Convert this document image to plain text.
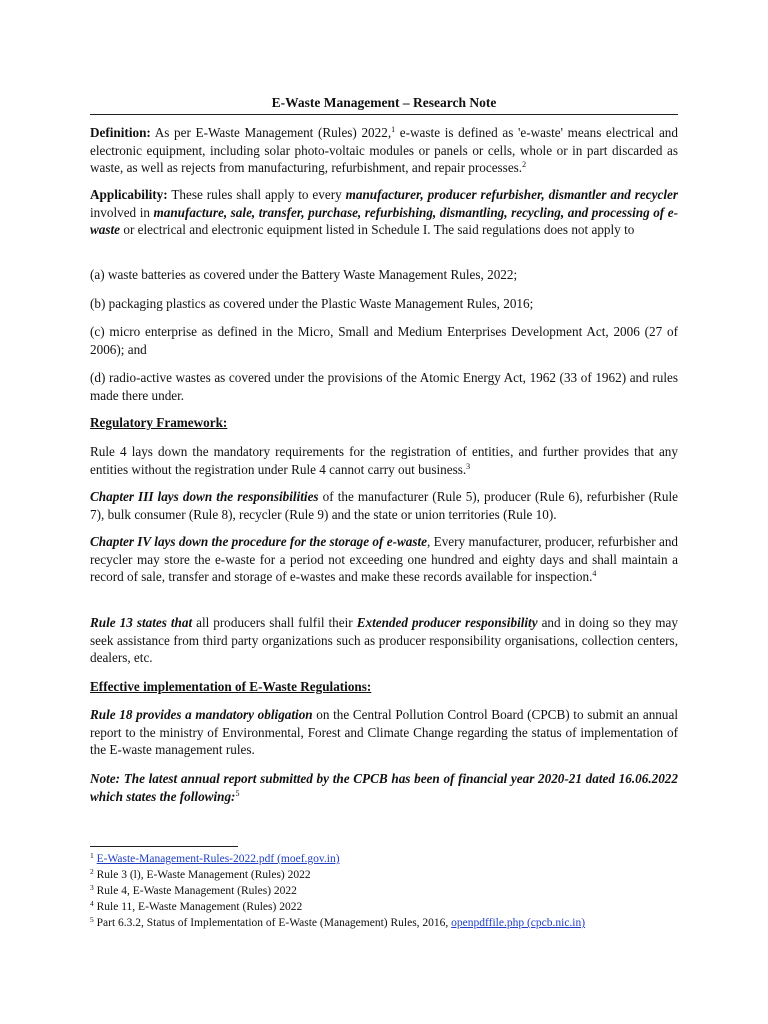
E-Waste Management – Research Note

Definition: As per E-Waste Management (Rules) 2022,$^1$ e-waste is defined as 'e-waste' means electrical and electronic equipment, including solar photo-voltaic modules or panels or cells, whole or in part discarded as waste, as well as rejects from manufacturing, refurbishment, and repair processes.$^2$

Applicability: These rules shall apply to every manufacturer, producer refurbisher, dismantler and recycler involved in manufacture, sale, transfer, purchase, refurbishing, dismantling, recycling, and processing of e-waste or electrical and electronic equipment listed in Schedule I. The said regulations does not apply to

(a) waste batteries as covered under the Battery Waste Management Rules, 2022;

(b) packaging plastics as covered under the Plastic Waste Management Rules, 2016;

(c) micro enterprise as defined in the Micro, Small and Medium Enterprises Development Act, 2006 (27 of 2006); and

(d) radio-active wastes as covered under the provisions of the Atomic Energy Act, 1962 (33 of 1962) and rules made there under.

Regulatory Framework:

Rule 4 lays down the mandatory requirements for the registration of entities, and further provides that any entities without the registration under Rule 4 cannot carry out business.$^3$

Chapter III lays down the responsibilities of the manufacturer (Rule 5), producer (Rule 6), refurbisher (Rule 7), bulk consumer (Rule 8), recycler (Rule 9) and the state or union territories (Rule 10).

Chapter IV lays down the procedure for the storage of e-waste, Every manufacturer, producer, refurbisher and recycler may store the e-waste for a period not exceeding one hundred and eighty days and shall maintain a record of sale, transfer and storage of e-wastes and make these records available for inspection.$^4$

Rule 13 states that all producers shall fulfil their Extended producer responsibility and in doing so they may seek assistance from third party organizations such as producer responsibility organisations, collection centers, dealers, etc.

Effective implementation of E-Waste Regulations:

Rule 18 provides a mandatory obligation on the Central Pollution Control Board (CPCB) to submit an annual report to the ministry of Environmental, Forest and Climate Change regarding the status of implementation of the E-waste management rules.

Note: The latest annual report submitted by the CPCB has been of financial year 2020-21 dated 16.06.2022 which states the following:$^5$

$^1$ E-Waste-Management-Rules-2022.pdf (moef.gov.in)
$^2$ Rule 3 (l), E-Waste Management (Rules) 2022
$^3$ Rule 4, E-Waste Management (Rules) 2022
$^4$ Rule 11, E-Waste Management (Rules) 2022
$^5$ Part 6.3.2, Status of Implementation of E-Waste (Management) Rules, 2016, openpdffile.php (cpcb.nic.in)
